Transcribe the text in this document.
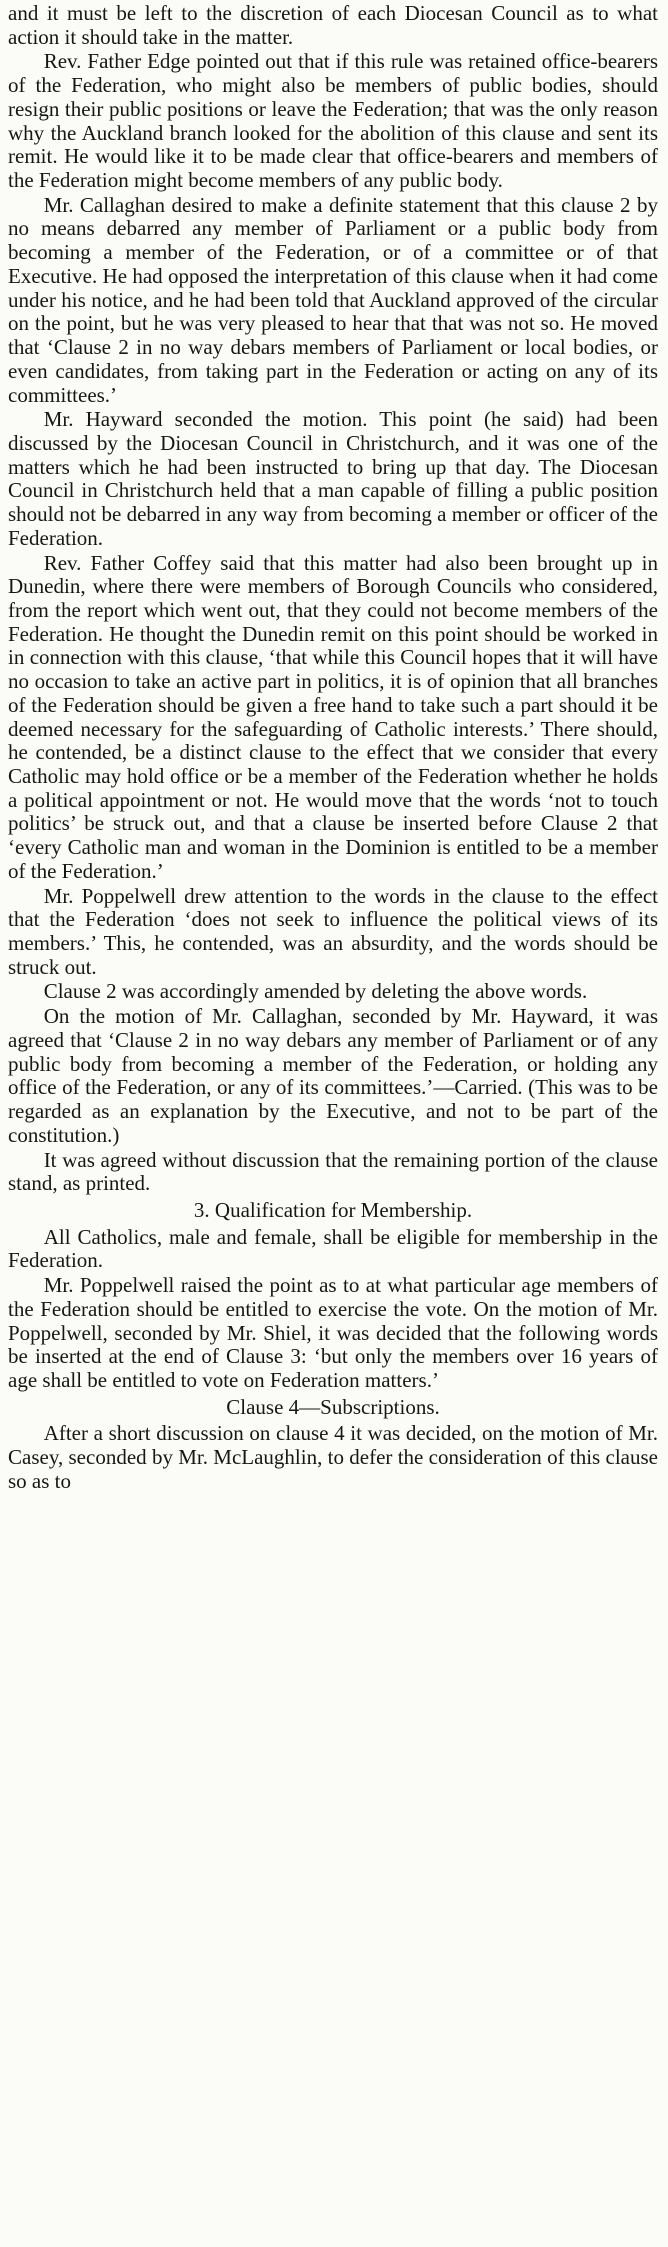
and it must be left to the discretion of each Diocesan Council as to what action it should take in the matter.

Rev. Father Edge pointed out that if this rule was retained office-bearers of the Federation, who might also be members of public bodies, should resign their public positions or leave the Federation; that was the only reason why the Auckland branch looked for the abolition of this clause and sent its remit. He would like it to be made clear that office-bearers and members of the Federation might become members of any public body.

Mr. Callaghan desired to make a definite statement that this clause 2 by no means debarred any member of Parliament or a public body from becoming a member of the Federation, or of a committee or of that Executive. He had opposed the interpretation of this clause when it had come under his notice, and he had been told that Auckland approved of the circular on the point, but he was very pleased to hear that that was not so. He moved that ‘Clause 2 in no way debars members of Parliament or local bodies, or even candidates, from taking part in the Federation or acting on any of its committees.’

Mr. Hayward seconded the motion. This point (he said) had been discussed by the Diocesan Council in Christchurch, and it was one of the matters which he had been instructed to bring up that day. The Diocesan Council in Christchurch held that a man capable of filling a public position should not be debarred in any way from becoming a member or officer of the Federation.

Rev. Father Coffey said that this matter had also been brought up in Dunedin, where there were members of Borough Councils who considered, from the report which went out, that they could not become members of the Federation. He thought the Dunedin remit on this point should be worked in in connection with this clause, ‘that while this Council hopes that it will have no occasion to take an active part in politics, it is of opinion that all branches of the Federation should be given a free hand to take such a part should it be deemed necessary for the safeguarding of Catholic interests.’ There should, he contended, be a distinct clause to the effect that we consider that every Catholic may hold office or be a member of the Federation whether he holds a political appointment or not. He would move that the words ‘not to touch politics’ be struck out, and that a clause be inserted before Clause 2 that ‘every Catholic man and woman in the Dominion is entitled to be a member of the Federation.’

Mr. Poppelwell drew attention to the words in the clause to the effect that the Federation ‘does not seek to influence the political views of its members.’ This, he contended, was an absurdity, and the words should be struck out.

Clause 2 was accordingly amended by deleting the above words.

On the motion of Mr. Callaghan, seconded by Mr. Hayward, it was agreed that ‘Clause 2 in no way debars any member of Parliament or of any public body from becoming a member of the Federation, or holding any office of the Federation, or any of its committees.’—Carried. (This was to be regarded as an explanation by the Executive, and not to be part of the constitution.)

It was agreed without discussion that the remaining portion of the clause stand, as printed.

3. Qualification for Membership.

All Catholics, male and female, shall be eligible for membership in the Federation.

Mr. Poppelwell raised the point as to at what particular age members of the Federation should be entitled to exercise the vote. On the motion of Mr. Poppelwell, seconded by Mr. Shiel, it was decided that the following words be inserted at the end of Clause 3: ‘but only the members over 16 years of age shall be entitled to vote on Federation matters.’

Clause 4—Subscriptions.

After a short discussion on clause 4 it was decided, on the motion of Mr. Casey, seconded by Mr. McLaughlin, to defer the consideration of this clause so as to
